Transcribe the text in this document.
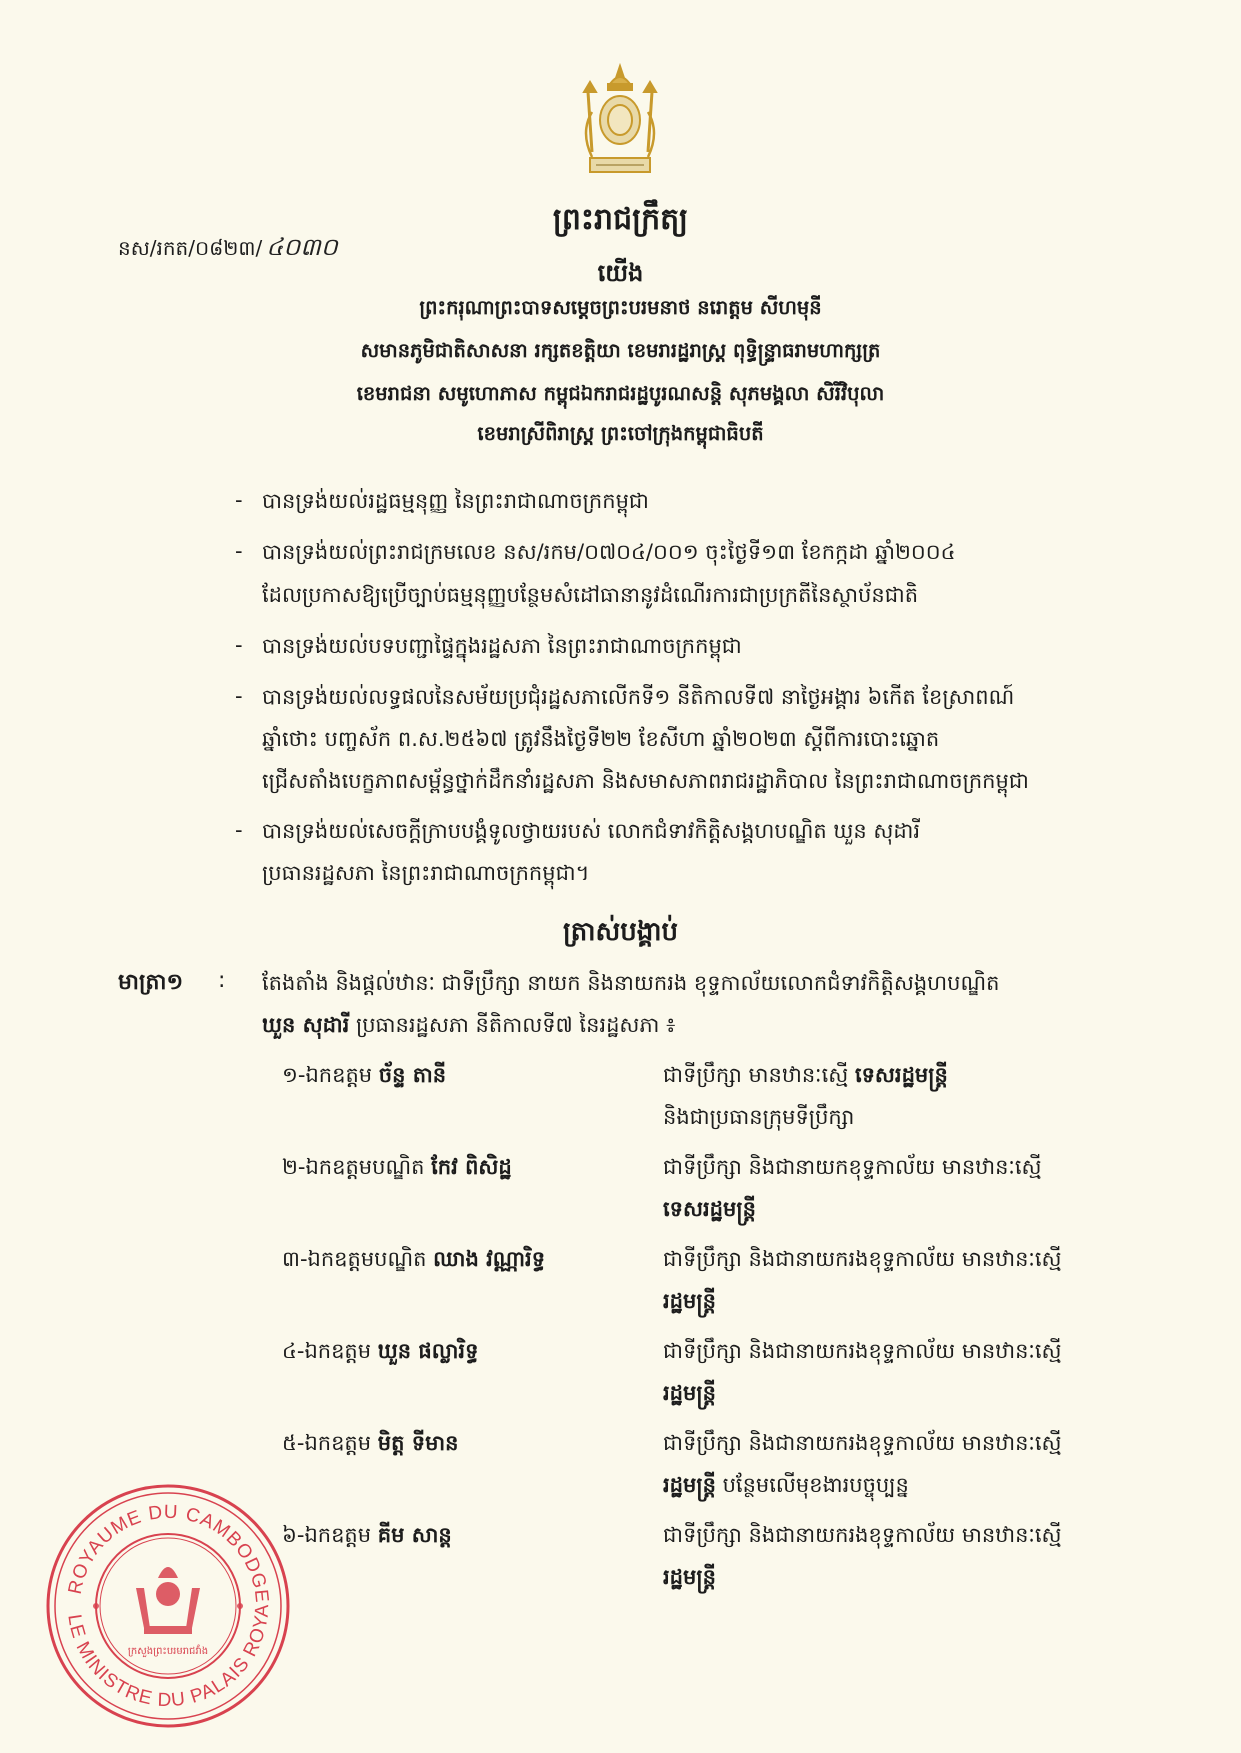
ព្រះរាជក្រឹត្យ
នស/រកត/០៨២៣/ ៤០៣០
យើង
ព្រះករុណាព្រះបាទសម្តេចព្រះបរមនាថ នរោត្តម សីហមុនី
សមានភូមិជាតិសាសនា រក្សតខត្តិយា ខេមរារដ្ឋរាស្ត្រ ពុទ្ធិន្ទ្រាធរាមហាក្សត្រ
ខេមរាជនា សមូហោភាស កម្ពុជឯករាជរដ្ឋបូរណសន្តិ សុភមង្គលា សិរីវិបុលា
ខេមរាស្រីពិរាស្ត្រ ព្រះចៅក្រុងកម្ពុជាធិបតី
- បានទ្រង់យល់រដ្ឋធម្មនុញ្ញ នៃព្រះរាជាណាចក្រកម្ពុជា
- បានទ្រង់យល់ព្រះរាជក្រមលេខ នស/រកម/០៧០៤/០០១ ចុះថ្ងៃទី១៣ ខែកក្កដា ឆ្នាំ២០០៤
ដែលប្រកាសឱ្យប្រើច្បាប់ធម្មនុញ្ញបន្ថែមសំដៅធានានូវដំណើរការជាប្រក្រតីនៃស្ថាប័នជាតិ
- បានទ្រង់យល់បទបញ្ជាផ្ទៃក្នុងរដ្ឋសភា នៃព្រះរាជាណាចក្រកម្ពុជា
- បានទ្រង់យល់លទ្ធផលនៃសម័យប្រជុំរដ្ឋសភាលើកទី១ នីតិកាលទី៧ នាថ្ងៃអង្គារ ៦កើត ខែស្រាពណ៍
ឆ្នាំថោះ បញ្ចស័ក ព.ស.២៥៦៧ ត្រូវនឹងថ្ងៃទី២២ ខែសីហា ឆ្នាំ២០២៣ ស្តីពីការបោះឆ្នោត
ជ្រើសតាំងបេក្ខភាពសម្ព័ន្ធថ្នាក់ដឹកនាំរដ្ឋសភា និងសមាសភាពរាជរដ្ឋាភិបាល នៃព្រះរាជាណាចក្រកម្ពុជា
- បានទ្រង់យល់សេចក្តីក្រាបបង្គំទូលថ្វាយរបស់ លោកជំទាវកិត្តិសង្គហបណ្ឌិត ឃួន សុដារី
ប្រធានរដ្ឋសភា នៃព្រះរាជាណាចក្រកម្ពុជា។
ត្រាស់បង្គាប់
មាត្រា១ : តែងតាំង និងផ្តល់ឋានៈ ជាទីប្រឹក្សា នាយក និងនាយករង ខុទ្ទកាល័យលោកជំទាវកិត្តិសង្គហបណ្ឌិត
ឃួន សុដារី ប្រធានរដ្ឋសភា នីតិកាលទី៧ នៃរដ្ឋសភា ៖
១-ឯកឧត្តម ច័ន្ទ តានី	ជាទីប្រឹក្សា មានឋានៈស្មើ ទេសរដ្ឋមន្ត្រី
និងជាប្រធានក្រុមទីប្រឹក្សា
២-ឯកឧត្តមបណ្ឌិត កែវ ពិសិដ្ឋ	ជាទីប្រឹក្សា និងជានាយកខុទ្ទកាល័យ មានឋានៈស្មើ
ទេសរដ្ឋមន្ត្រី
៣-ឯកឧត្តមបណ្ឌិត ឈាង វណ្ណារិទ្ធ	ជាទីប្រឹក្សា និងជានាយករងខុទ្ទកាល័យ មានឋានៈស្មើ
រដ្ឋមន្ត្រី
៤-ឯកឧត្តម ឃួន ផល្លារិទ្ធ	ជាទីប្រឹក្សា និងជានាយករងខុទ្ទកាល័យ មានឋានៈស្មើ
រដ្ឋមន្ត្រី
៥-ឯកឧត្តម មិត្ត ទីមាន	ជាទីប្រឹក្សា និងជានាយករងខុទ្ទកាល័យ មានឋានៈស្មើ
រដ្ឋមន្ត្រី បន្ថែមលើមុខងារបច្ចុប្បន្ន
៦-ឯកឧត្តម គីម សាន្ត	ជាទីប្រឹក្សា និងជានាយករងខុទ្ទកាល័យ មានឋានៈស្មើ
រដ្ឋមន្ត្រី
ROYAUME DU CAMBODGE
LE MINISTRE DU PALAIS ROYA
ក្រសួងព្រះបរមរាជវាំង
